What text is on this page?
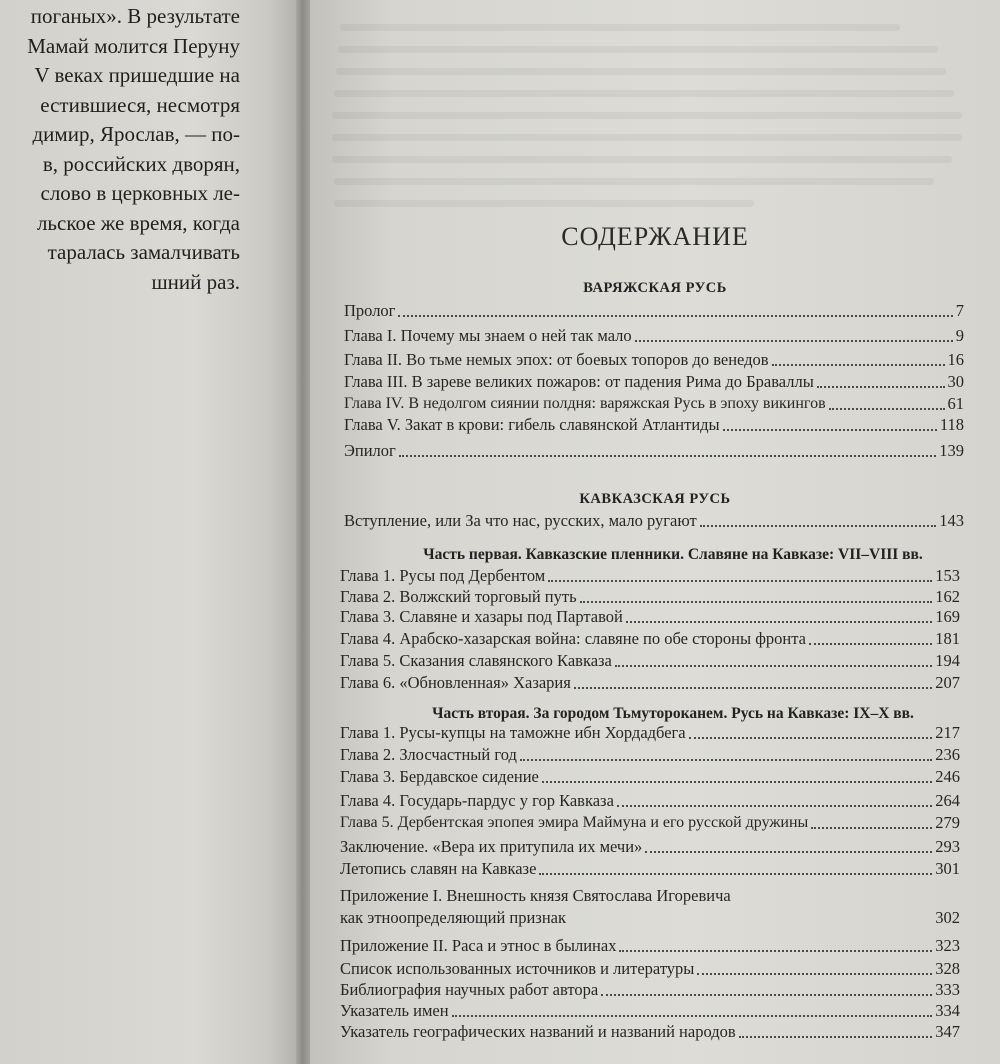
поганых». В результате
Мамай молится Перуну
V веках пришедшие на
естившиеся, несмотря
димир, Ярослав, — по-
в, российских дворян,
слово в церковных ле-
льское же время, когда
таралась замалчивать
шний раз.
СОДЕРЖАНИЕ
ВАРЯЖСКАЯ РУСЬ
Пролог	7
Глава I. Почему мы знаем о ней так мало	9
Глава II. Во тьме немых эпох: от боевых топоров до венедов	16
Глава III. В зареве великих пожаров: от падения Рима до Бравалл​ы	30
Глава IV. В недолгом сиянии полдня: варяжская Русь в эпоху викингов	61
Глава V. Закат в крови: гибель славянской Атлантиды	118
Эпилог	139
КАВКАЗСКАЯ РУСЬ
Вступление, или За что нас, русских, мало ругают	143
Часть первая. Кавказские пленники. Славяне на Кавказе: VII–VIII вв.
Глава 1. Русы под Дербентом	153
Глава 2. Волжский торговый путь	162
Глава 3. Славяне и хазары под Партавой	169
Глава 4. Арабско-хазарская война: славяне по обе стороны фронта	181
Глава 5. Сказания славянского Кавказа	194
Глава 6. «Обновленная» Хазария	207
Часть вторая. За городом Тьмутороканем. Русь на Кавказе: IX–X вв.
Глава 1. Русы-купцы на таможне ибн Хордадбега	217
Глава 2. Злосчастный год	236
Глава 3. Бердавское сидение	246
Глава 4. Государь-пардус у гор Кавказа	264
Глава 5. Дербентская эпопея эмира Маймуна и его русской дружины	279
Заключение. «Вера их притупила их мечи»	293
Летопись славян на Кавказе	301
Приложение I. Внешность князя Святослава Игоревича
как этноопределяющий признак	302
Приложение II. Раса и этнос в былинах	323
Список использованных источников и литературы	328
Библиография научных работ автора	333
Указатель имен	334
Указатель географических названий и названий народов	347
